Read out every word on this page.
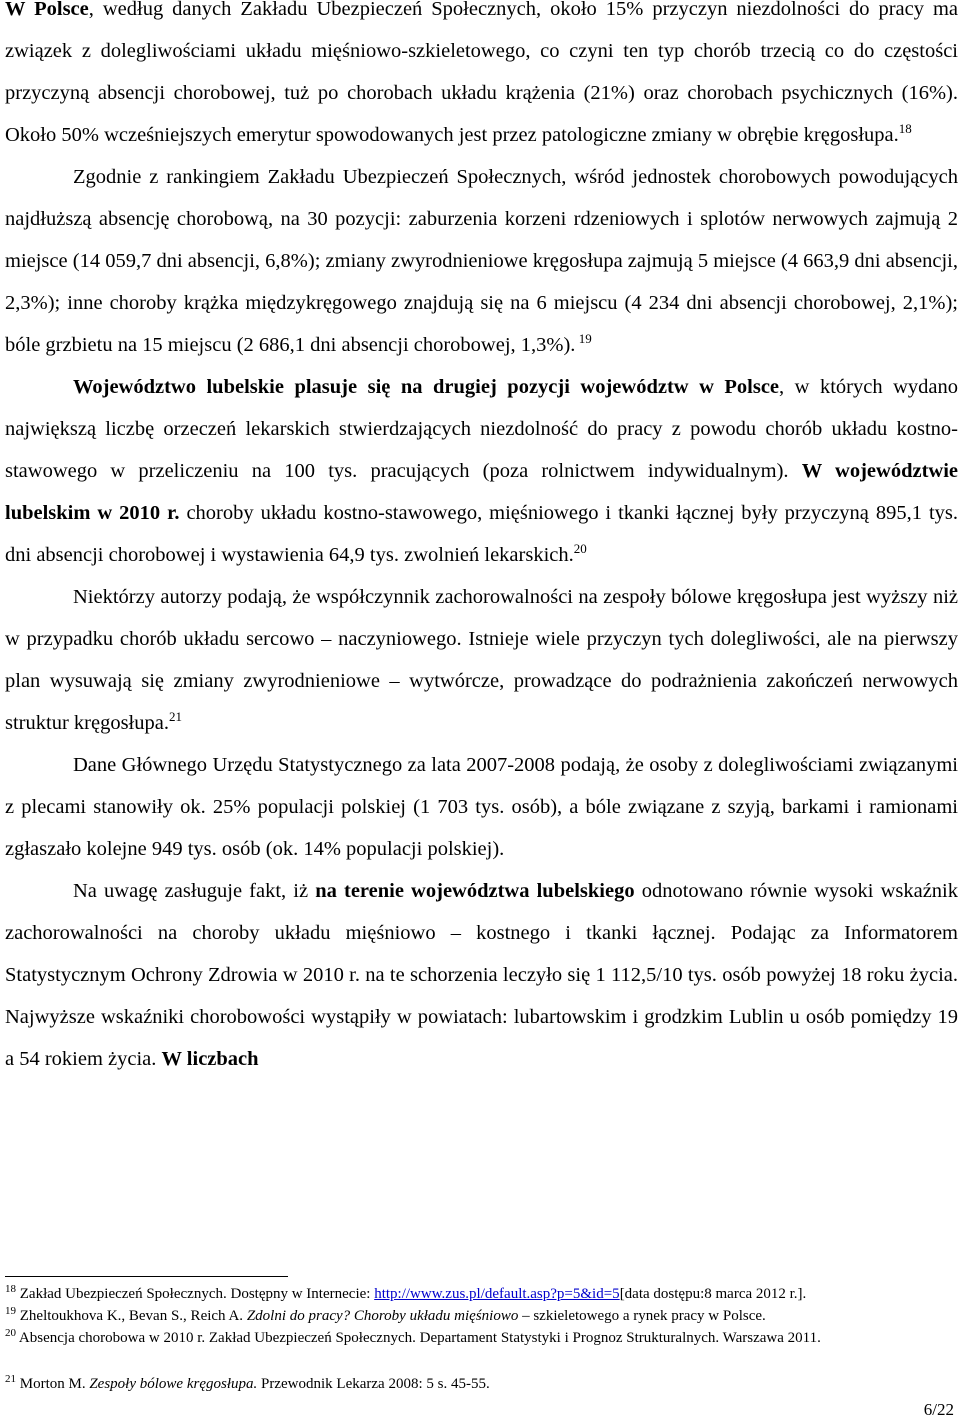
W Polsce, według danych Zakładu Ubezpieczeń Społecznych, około 15% przyczyn niezdolności do pracy ma związek z dolegliwościami układu mięśniowo-szkieletowego, co czyni ten typ chorób trzecią co do częstości przyczyną absencji chorobowej, tuż po chorobach układu krążenia (21%) oraz chorobach psychicznych (16%). Około 50% wcześniejszych emerytur spowodowanych jest przez patologiczne zmiany w obrębie kręgosłupa.$^{18}$

Zgodnie z rankingiem Zakładu Ubezpieczeń Społecznych, wśród jednostek chorobowych powodujących najdłuższą absencję chorobową, na 30 pozycji: zaburzenia korzeni rdzeniowych i splotów nerwowych zajmują 2 miejsce (14 059,7 dni absencji, 6,8%); zmiany zwyrodnieniowe kręgosłupa zajmują 5 miejsce (4 663,9 dni absencji, 2,3%); inne choroby krążka międzykręgowego znajdują się na 6 miejscu (4 234 dni absencji chorobowej, 2,1%); bóle grzbietu na 15 miejscu (2 686,1 dni absencji chorobowej, 1,3%). $^{19}$

Województwo lubelskie plasuje się na drugiej pozycji województw w Polsce, w których wydano największą liczbę orzeczeń lekarskich stwierdzających niezdolność do pracy z powodu chorób układu kostno-stawowego w przeliczeniu na 100 tys. pracujących (poza rolnictwem indywidualnym). W województwie lubelskim w 2010 r. choroby układu kostno-stawowego, mięśniowego i tkanki łącznej były przyczyną 895,1 tys. dni absencji chorobowej i wystawienia 64,9 tys. zwolnień lekarskich.$^{20}$

Niektórzy autorzy podają, że współczynnik zachorowalności na zespoły bólowe kręgosłupa jest wyższy niż w przypadku chorób układu sercowo – naczyniowego. Istnieje wiele przyczyn tych dolegliwości, ale na pierwszy plan wysuwają się zmiany zwyrodnieniowe – wytwórcze, prowadzące do podrażnienia zakończeń nerwowych struktur kręgosłupa.$^{21}$

Dane Głównego Urzędu Statystycznego za lata 2007-2008 podają, że osoby z dolegliwościami związanymi z plecami stanowiły ok. 25% populacji polskiej (1 703 tys. osób), a bóle związane z szyją, barkami i ramionami zgłaszało kolejne 949 tys. osób (ok. 14% populacji polskiej).

Na uwagę zasługuje fakt, iż na terenie województwa lubelskiego odnotowano równie wysoki wskaźnik zachorowalności na choroby układu mięśniowo – kostnego i tkanki łącznej. Podając za Informatorem Statystycznym Ochrony Zdrowia w 2010 r. na te schorzenia leczyło się 1 112,5/10 tys. osób powyżej 18 roku życia. Najwyższe wskaźniki chorobowości wystąpiły w powiatach: lubartowskim i grodzkim Lublin u osób pomiędzy 19 a 54 rokiem życia. W liczbach

$^{18}$ Zakład Ubezpieczeń Społecznych. Dostępny w Internecie: http://www.zus.pl/default.asp?p=5&id=5[data dostępu:8 marca 2012 r.].
$^{19}$ Zheltoukhova K., Bevan S., Reich A. Zdolni do pracy? Choroby układu mięśniowo – szkieletowego a rynek pracy w Polsce.
$^{20}$ Absencja chorobowa w 2010 r. Zakład Ubezpieczeń Społecznych. Departament Statystyki i Prognoz Strukturalnych. Warszawa 2011.
$^{21}$ Morton M. Zespoły bólowe kręgosłupa. Przewodnik Lekarza 2008: 5 s. 45-55.
6/22
